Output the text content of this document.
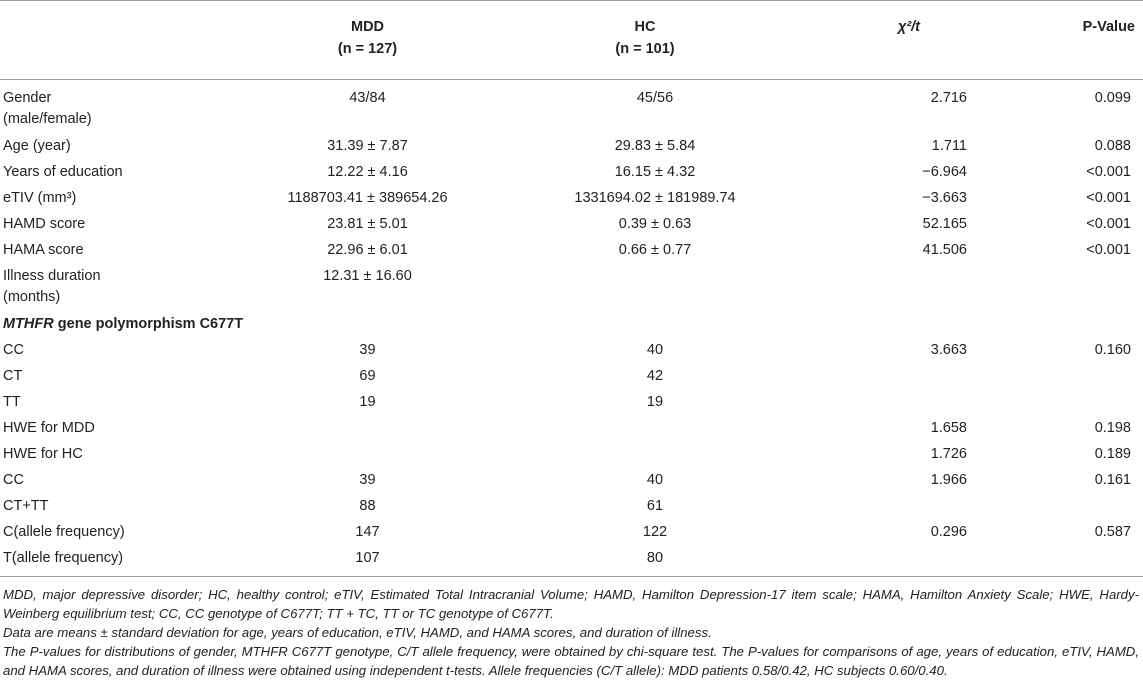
	MDD	HC	χ²/t	P-Value
	(n = 127)	(n = 101)		
Gender
(male/female)	43/84	45/56	2.716	0.099
Age (year)	31.39 ± 7.87	29.83 ± 5.84	1.711	0.088
Years of education	12.22 ± 4.16	16.15 ± 4.32	−6.964	<0.001
eTIV (mm³)	1188703.41 ± 389654.26	1331694.02 ± 181989.74	−3.663	<0.001
HAMD score	23.81 ± 5.01	0.39 ± 0.63	52.165	<0.001
HAMA score	22.96 ± 6.01	0.66 ± 0.77	41.506	<0.001
Illness duration
(months)	12.31 ± 16.60			
MTHFR gene polymorphism C677T				
CC	39	40	3.663	0.160
CT	69	42		
TT	19	19		
HWE for MDD			1.658	0.198
HWE for HC			1.726	0.189
CC	39	40	1.966	0.161
CT+TT	88	61		
C(allele frequency)	147	122	0.296	0.587
T(allele frequency)	107	80		

MDD, major depressive disorder; HC, healthy control; eTIV, Estimated Total Intracranial Volume; HAMD, Hamilton Depression-17 item scale; HAMA, Hamilton Anxiety Scale; HWE, Hardy-Weinberg equilibrium test; CC, CC genotype of C677T; TT + TC, TT or TC genotype of C677T.

Data are means ± standard deviation for age, years of education, eTIV, HAMD, and HAMA scores, and duration of illness.

The P-values for distributions of gender, MTHFR C677T genotype, C/T allele frequency, were obtained by chi-square test. The P-values for comparisons of age, years of education, eTIV, HAMD, and HAMA scores, and duration of illness were obtained using independent t-tests. Allele frequencies (C/T allele): MDD patients 0.58/0.42, HC subjects 0.60/0.40.
